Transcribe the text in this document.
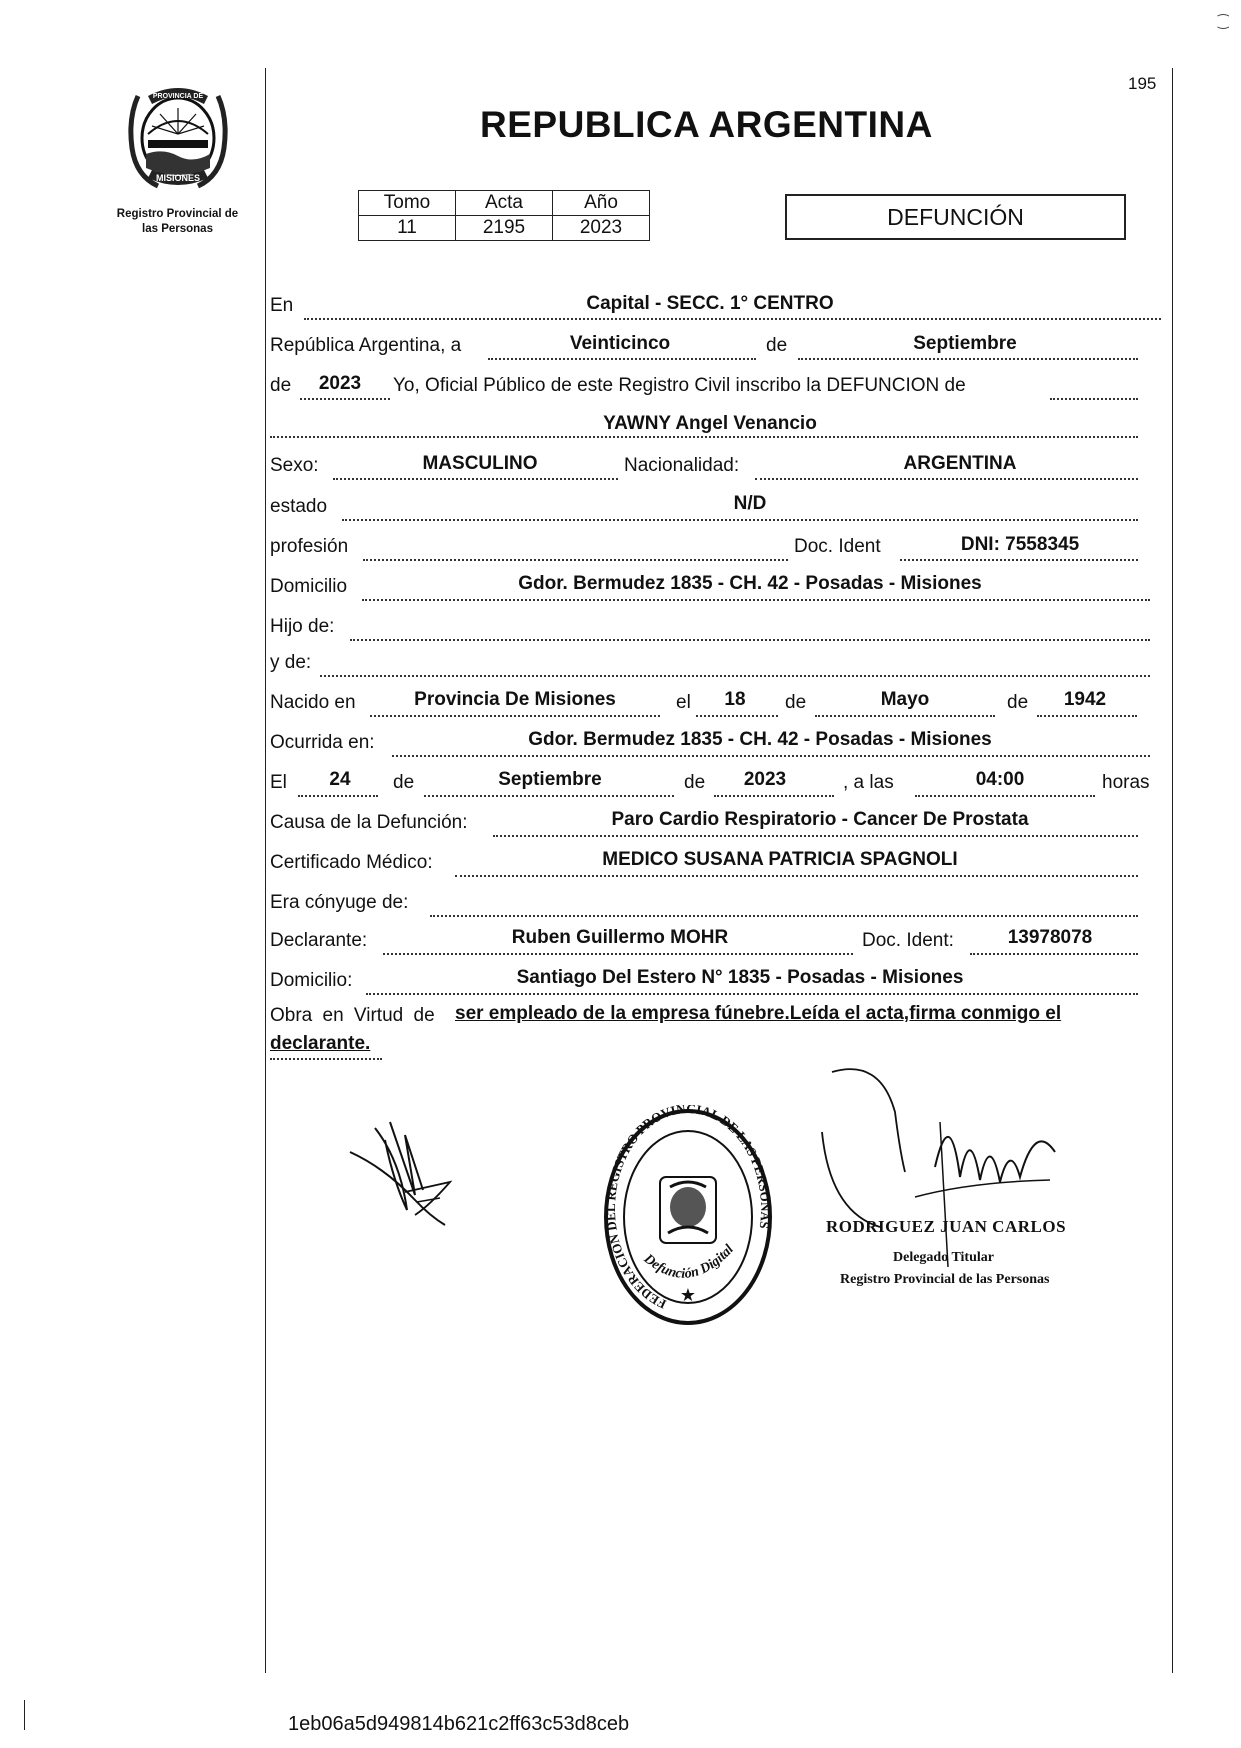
⁐
PROVINCIA DE
MISIONES
Registro Provincial de
las Personas
195
REPUBLICA ARGENTINA
Tomo	Acta	Año
11	2195	2023	DEFUNCIÓN
En	Capital - SECC. 1° CENTRO
República Argentina, a	Veinticinco	de	Septiembre
de	2023	Yo, Oficial Público de este Registro Civil inscribo la DEFUNCION de
YAWNY Angel Venancio
Sexo:	MASCULINO	Nacionalidad:	ARGENTINA
estado	N/D
profesión	Doc. Ident	DNI: 7558345
Domicilio	Gdor. Bermudez 1835 - CH. 42 - Posadas - Misiones
Hijo de:
y de:
Nacido en	Provincia De Misiones	el	18	de	Mayo	de	1942
Ocurrida en:	Gdor. Bermudez 1835 - CH. 42 - Posadas - Misiones
El	24	de	Septiembre	de	2023	, a las	04:00	horas
Causa de la Defunción:	Paro Cardio Respiratorio - Cancer De Prostata
Certificado Médico:	MEDICO SUSANA PATRICIA SPAGNOLI
Era cónyuge de:
Declarante:	Ruben Guillermo MOHR	Doc. Ident:	13978078
Domicilio:	Santiago Del Estero N° 1835 - Posadas - Misiones
Obra en Virtud de ser empleado de la empresa fúnebre.Leída el acta,firma conmigo el
declarante.
FEDERACIÓN DEL REGISTRO PROVINCIAL DE LAS PERSONAS
Defunción Digital
★
RODRIGUEZ JUAN CARLOS
Delegado Titular
Registro Provincial de las Personas
1eb06a5d949814b621c2ff63c53d8ceb
